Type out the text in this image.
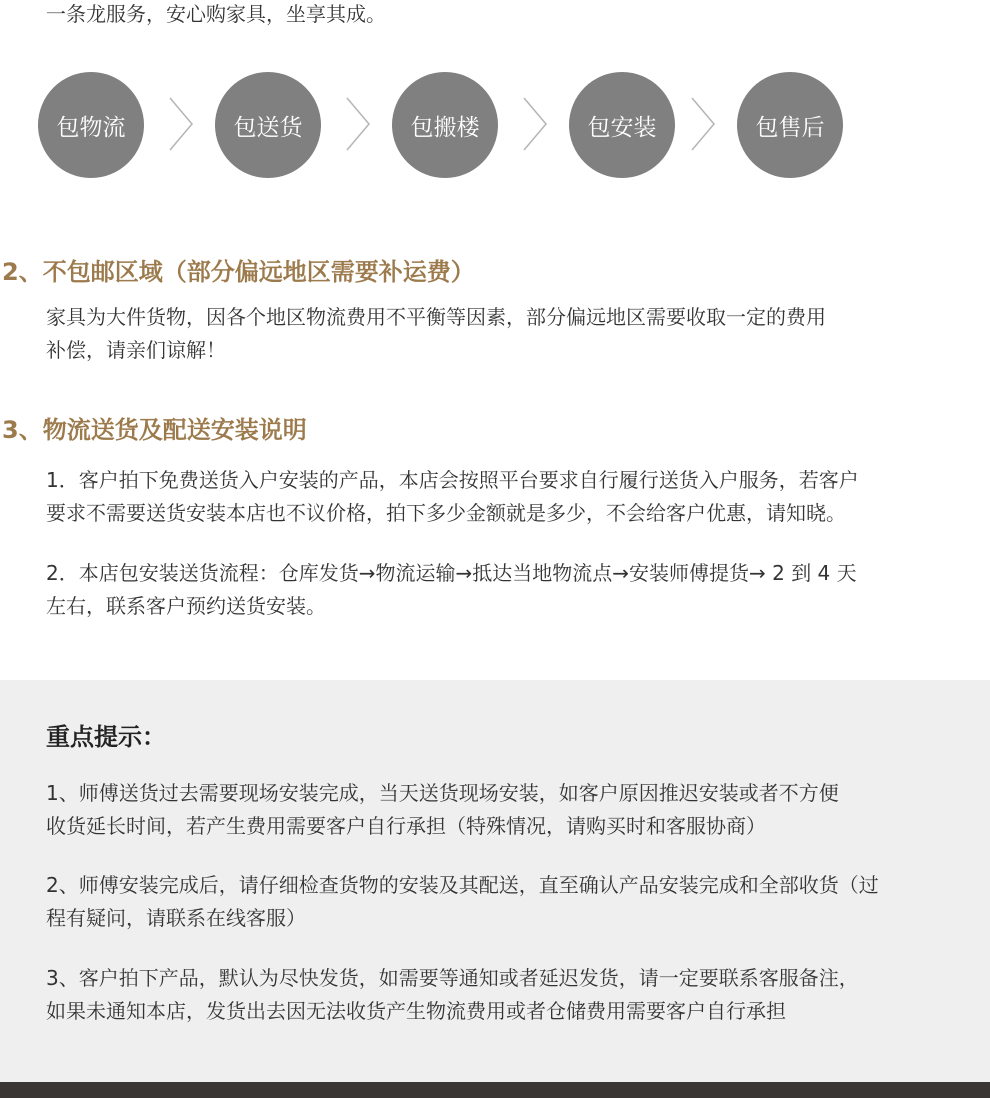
一条龙服务，安心购家具，坐享其成。

包物流	包送货	包搬楼	包安装	包售后
2、不包邮区域（部分偏远地区需要补运费）

家具为大件货物，因各个地区物流费用不平衡等因素，部分偏远地区需要收取一定的费用

补偿，请亲们谅解！

3、物流送货及配送安装说明

1．客户拍下免费送货入户安装的产品，本店会按照平台要求自行履行送货入户服务，若客户

要求不需要送货安装本店也不议价格，拍下多少金额就是多少，不会给客户优惠，请知晓。

2．本店包安装送货流程：仓库发货→物流运输→抵达当地物流点→安装师傅提货→ 2 到 4 天

左右，联系客户预约送货安装。

重点提示：

1、师傅送货过去需要现场安装完成，当天送货现场安装，如客户原因推迟安装或者不方便

收货延长时间，若产生费用需要客户自行承担（特殊情况，请购买时和客服协商）

2、师傅安装完成后，请仔细检查货物的安装及其配送，直至确认产品安装完成和全部收货（过

程有疑问，请联系在线客服）

3、客户拍下产品，默认为尽快发货，如需要等通知或者延迟发货，请一定要联系客服备注，

如果未通知本店，发货出去因无法收货产生物流费用或者仓储费用需要客户自行承担
